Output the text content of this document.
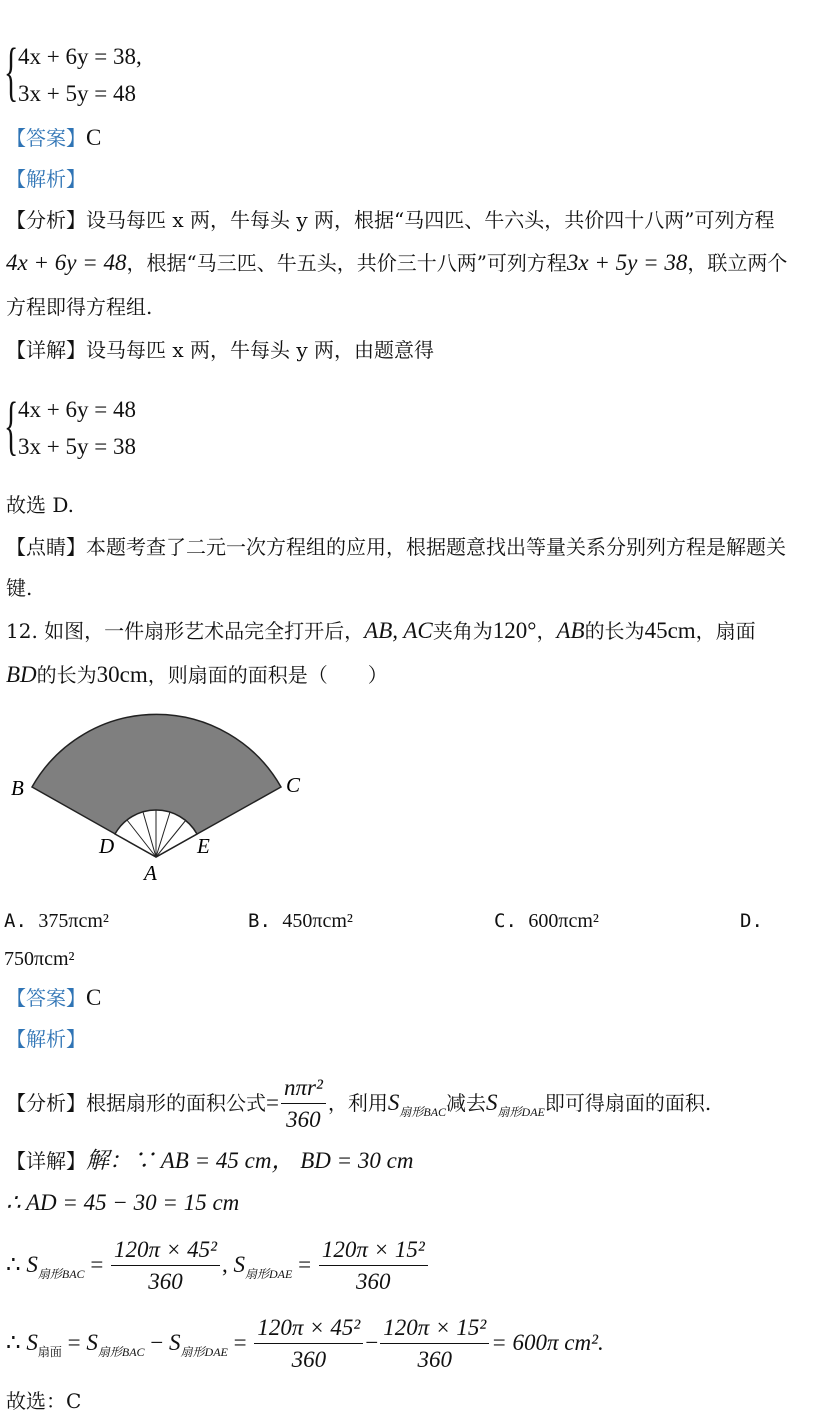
{ 4x + 6y = 38,
3x + 5y = 48
【答案】C
【解析】
【分析】设马每匹 x 两，牛每头 y 两，根据“马四匹、牛六头，共价四十八两”可列方程
4x + 6y = 48，根据“马三匹、牛五头，共价三十八两”可列方程3x + 5y = 38，联立两个
方程即得方程组.
【详解】设马每匹 x 两，牛每头 y 两，由题意得
{ 4x + 6y = 48
3x + 5y = 38
故选 D.
【点睛】本题考查了二元一次方程组的应用，根据题意找出等量关系分别列方程是解题关
键.
12. 如图，一件扇形艺术品完全打开后，AB, AC夹角为120°，AB的长为45cm，扇面
BD的长为30cm，则扇面的面积是（　　）
B	C
D	E
A
A. 375πcm²	B. 450πcm²	C. 600πcm²	D.
750πcm²
【答案】C
【解析】
【分析】根据扇形的面积公式= $\frac{\text{nπr²}}{360}$ ，利用$S_{扇形BAC}$减去$S_{扇形DAE}$即可得扇面的面积.
【详解】解：∵ AB = 45 cm， BD = 30 cm
∴ AD = 45 − 30 = 15 cm
∴ $S_{扇形BAC} = \frac{\text{120π × 45²}}{360}$ , $S_{扇形DAE} = \frac{\text{120π × 15²}}{360}$
∴ $S_{扇面} = S_{扇形BAC} - S_{扇形DAE} = \frac{\text{120π × 45²}}{360} - \frac{\text{120π × 15²}}{360} = 600\pi$ cm².
故选：C
